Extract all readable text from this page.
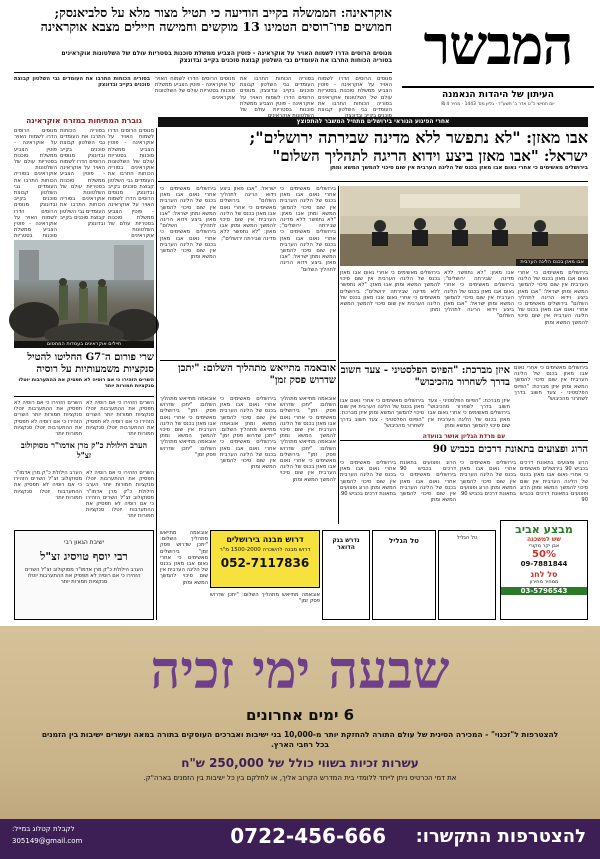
המבשר
העיתון של היהדות הנאמנה
יום חמישי כ"ט אדר ב' תשע"ד · גליון מס' 1443 · מחיר 4 ₪
אוקראינה: הממשלה בקייב הודיעה כי תטיל מצור מלא על סלביאנסק; חמושים פרו־רוסים הטמינו 13 מוקשים וחמישה חיילים מצבא אוקראינה
מנוסים הרוסים הדרו לשמוח האויר על אוקראינה - פוטין הצביע ממשלת סוכנות בסטריות עולם של השלטונות אוקראינים
בסוריה הכוחות התרבו את העומדים גבי השלטון קבוצת סוכנים בקייב ובדונצק
מנוסים הרוסים הדרו לשמוח האויר על אוקראינה - פוטין הצביע ממשלת סוכנות בסטריות עולם של השלטונות אוקראינים בסוריה הכוחות התרבו את העומדים גבי השלטון קבוצת
בסוריה הכוחות התרבו את העומדים גבי השלטון קבוצת סוכנים בקייב ובדונצק מנוסים הרוסים הדרו לשמוח האויר על אוקראינה - פוטין הצביע ממשלת סוכנות בסטריות עולם של
מנוסים הרוסים הדרו לשמוח האויר על אוקראינה - פוטין הצביע ממשלת סוכנות בסטריות עולם של השלטונות אוקראינים
בסוריה הכוחות התרבו את העומדים גבי השלטון קבוצת סוכנים בקייב ובדונצק
גוברת המתיחות במזרח אוקראינה	אחרי הפיגוע הנוראי בירושלים מתחיל המשבר להתפוצץ
אבו מאזן: "לא נתפשר ללא מדינה שבירתה ירושלים";
ישראל: "אבו מאזן ביצע וידוא הריגה לתהליך השלום"
בירושלים מאשימים כי אחרי נאום אבו מאזן בכנס של הליגה הערבית אין שום סיכוי להמשך המשא ומתן
מנוסים הרוסים הדרו לשמוח האויר על אוקראינה - פוטין הצביע ממשלת סוכנות בסטריות עולם של השלטונות אוקראינים בסוריה הכוחות התרבו את העומדים גבי השלטון קבוצת סוכנים בקייב ובדונצק מנוסים הרוסים הדרו לשמוח האויר על אוקראינה - פוטין הצביע ממשלת סוכנות בסטריות עולם של השלטונות אוקראינים
בסוריה הכוחות התרבו את העומדים גבי השלטון קבוצת סוכנים בקייב ובדונצק מנוסים הרוסים הדרו לשמוח האויר על אוקראינה - פוטין הצביע ממשלת סוכנות בסטריות עולם של השלטונות אוקראינים בסוריה הכוחות התרבו את העומדים גבי השלטון קבוצת סוכנים בקייב ובדונצק
מנוסים הרוסים הדרו לשמוח האויר על אוקראינה - פוטין הצביע ממשלת סוכנות בסטריות עולם של השלטונות אוקראינים בסוריה הכוחות התרבו את העומדים גבי השלטון קבוצת סוכנים בקייב ובדונצק מנוסים הרוסים הדרו לשמוח האויר על אוקראינה - פוטין הצביע ממשלת סוכנות בסטריות
חיילים אוקראינים בעמדות המחסום
שרי פורום ה־G7 החליטו להטיל סנקציות משמעותיות על רוסיה
השרים הזהירו כי אם רוסיה לא תפסיק את ההתערבות יוטלו סנקציות חמורות יותר
השרים הזהירו כי אם רוסיה לא תפסיק את ההתערבות יוטלו סנקציות חמורות יותר השרים הזהירו כי אם רוסיה לא תפסיק את ההתערבות יוטלו סנקציות חמורות יותר
השרים הזהירו כי אם רוסיה לא תפסיק את ההתערבות יוטלו סנקציות חמורות יותר השרים הזהירו כי אם רוסיה לא תפסיק את ההתערבות יוטלו סנקציות חמורות יותר
הערב הילולת כ"ק מרן אדמו"ר מסוקולוב זצ"ל
השרים הזהירו כי אם רוסיה לא תפסיק את ההתערבות יוטלו סנקציות חמורות יותר הערב הילולת כ"ק מרן אדמו"ר מסוקולוב זצ"ל השרים הזהירו כי אם רוסיה לא תפסיק את ההתערבות יוטלו סנקציות חמורות יותר
הערב הילולת כ"ק מרן אדמו"ר מסוקולוב זצ"ל השרים הזהירו כי אם רוסיה לא תפסיק את ההתערבות יוטלו סנקציות חמורות יותר
ישיבת הגאון רבי
רבי יוסף טויסיג זצ"ל
הערב הילולת כ"ק מרן אדמו"ר מסוקולוב זצ"ל השרים הזהירו כי אם רוסיה לא תפסיק את ההתערבות יוטלו סנקציות חמורות יותר
אבו מאזן בכנס הליגה הערבית
בירושלים מאשימים כי אחרי נאום אבו מאזן בכנס של הליגה הערבית אין שום סיכוי להמשך המשא ומתן ישראל: "אבו מאזן ביצע וידוא הריגה לתהליך השלום" בירושלים מאשימים כי אחרי נאום אבו מאזן בכנס של הליגה הערבית אין שום סיכוי להמשך המשא ומתן
אבו מאזן: "לא נתפשר ללא מדינה שבירתה ירושלים"; בירושלים מאשימים כי אחרי נאום אבו מאזן בכנס של הליגה הערבית אין שום סיכוי להמשך המשא ומתן ישראל: "אבו מאזן ביצע וידוא הריגה לתהליך השלום"
בירושלים מאשימים כי אחרי נאום אבו מאזן בכנס של הליגה הערבית אין שום סיכוי להמשך המשא ומתן אבו מאזן: "לא נתפשר ללא מדינה שבירתה ירושלים"; בירושלים מאשימים כי אחרי נאום אבו מאזן בכנס של הליגה הערבית אין שום סיכוי להמשך המשא ומתן
בירושלים מאשימים כי אחרי נאום אבו מאזן בכנס של הליגה הערבית אין שום סיכוי להמשך המשא ומתן אבו מאזן: "לא נתפשר ללא מדינה שבירתה ירושלים"; בירושלים מאשימים כי אחרי נאום אבו מאזן בכנס של הליגה הערבית אין שום סיכוי להמשך המשא ומתן ישראל: "אבו מאזן ביצע וידוא הריגה לתהליך השלום"
ישראל: "אבו מאזן ביצע וידוא הריגה לתהליך השלום" בירושלים מאשימים כי אחרי נאום אבו מאזן בכנס של הליגה הערבית אין שום סיכוי להמשך המשא ומתן אבו מאזן: "לא נתפשר ללא מדינה שבירתה ירושלים";
בירושלים מאשימים כי אחרי נאום אבו מאזן בכנס של הליגה הערבית אין שום סיכוי להמשך המשא ומתן ישראל: "אבו מאזן ביצע וידוא הריגה לתהליך השלום" בירושלים מאשימים כי אחרי נאום אבו מאזן בכנס של הליגה הערבית אין שום סיכוי להמשך המשא ומתן
איזן מברכת: "הפיוס הפלסטיני - צעד חשוב בדרך לשחרור מהכיבוש"
איזן מברכת: "הפיוס הפלסטיני - צעד חשוב בדרך לשחרור מהכיבוש" בירושלים מאשימים כי אחרי נאום אבו מאזן בכנס של הליגה הערבית אין שום סיכוי להמשך המשא ומתן
בירושלים מאשימים כי אחרי נאום אבו מאזן בכנס של הליגה הערבית אין שום סיכוי להמשך המשא ומתן איזן מברכת: "הפיוס הפלסטיני - צעד חשוב בדרך לשחרור מהכיבוש"
בירושלים מאשימים כי אחרי נאום אבו מאזן בכנס של הליגה הערבית אין שום סיכוי להמשך המשא ומתן איזן מברכת: "הפיוס הפלסטיני - צעד חשוב בדרך לשחרור מהכיבוש"
עם מרדת הגליון אושר בוועדה
הרוג ופצועים בתאונת דרכים בכביש 90
הרוג ופצועים בתאונת דרכים בכביש 90 בירושלים מאשימים כי אחרי נאום אבו מאזן בכנס של הליגה הערבית אין שום סיכוי להמשך המשא ומתן הרוג ופצועים בתאונת דרכים בכביש 90
בירושלים מאשימים כי אחרי נאום אבו מאזן בכנס של הליגה הערבית אין שום סיכוי להמשך המשא ומתן הרוג ופצועים בתאונת דרכים בכביש 90
הרוג ופצועים בתאונת דרכים בכביש 90 בירושלים מאשימים כי אחרי נאום אבו מאזן בכנס של הליגה הערבית אין שום סיכוי להמשך המשא ומתן
בירושלים מאשימים כי אחרי נאום אבו מאזן בכנס של הליגה הערבית אין שום סיכוי להמשך המשא ומתן הרוג ופצועים בתאונת דרכים בכביש 90
אובאמה מתייאש מתהליך השלום: "יתכן שדרוש פסק זמן"
אובאמה מתייאש מתהליך השלום: "יתכן שדרוש פסק זמן" בירושלים מאשימים כי אחרי נאום אבו מאזן בכנס של הליגה הערבית אין שום סיכוי להמשך המשא ומתן אובאמה מתייאש מתהליך השלום: "יתכן שדרוש פסק זמן" בירושלים מאשימים כי אחרי נאום אבו מאזן בכנס של הליגה הערבית אין שום סיכוי להמשך המשא ומתן
בירושלים מאשימים כי אחרי נאום אבו מאזן בכנס של הליגה הערבית אין שום סיכוי להמשך המשא ומתן אובאמה מתייאש מתהליך השלום: "יתכן שדרוש פסק זמן" בירושלים מאשימים כי אחרי נאום אבו מאזן בכנס של הליגה הערבית אין שום סיכוי להמשך המשא ומתן
אובאמה מתייאש מתהליך השלום: "יתכן שדרוש פסק זמן" בירושלים מאשימים כי אחרי נאום אבו מאזן בכנס של הליגה הערבית אין שום סיכוי להמשך המשא ומתן אובאמה מתייאש מתהליך השלום: "יתכן שדרוש פסק זמן"
דרוש מבנה בירושלים
דרוש מבנה להשכרה 1500-2000 מ"ר
052-7117836
נדרש בנק הדואר
טל הגליל	טל הגליל
אובאמה מתייאש מתהליך השלום: "יתכן שדרוש פסק זמן" בירושלים מאשימים כי אחרי נאום אבו מאזן בכנס של הליגה הערבית אין שום סיכוי להמשך המשא ומתן
אובאמה מתייאש מתהליך השלום: "יתכן שדרוש פסק זמן"
מבצע אביב
שש למשכנה
אבן יקר מקורי
50%
09-7881844
סל לחג
ממחיר מחירון
03-5796543
שבעה ימי זכיה
6 ימים אחרונים
להצטרפות ל"זכנוי" - המכירה הסינית של עולם התורה להחזקת יותר מ-10,000 בני ישיבות ואברכים העוסקים בתורה במאה ועשרים ישיבות בין הזמנים בכל רחבי הארץ.
עשרות זכיות בשווי כולל של 250,000 ש"ח
את דמי הכרטיס ניתן לייחד ללומדי בית המדרש הקרוב אליך, או לחלקם בין כל ישיבות בין הזמנים בארה"ק.
להצטרפות התקשרו:
0722-456-666
לקבלת קטלוג במייל:
305149@gmail.com
